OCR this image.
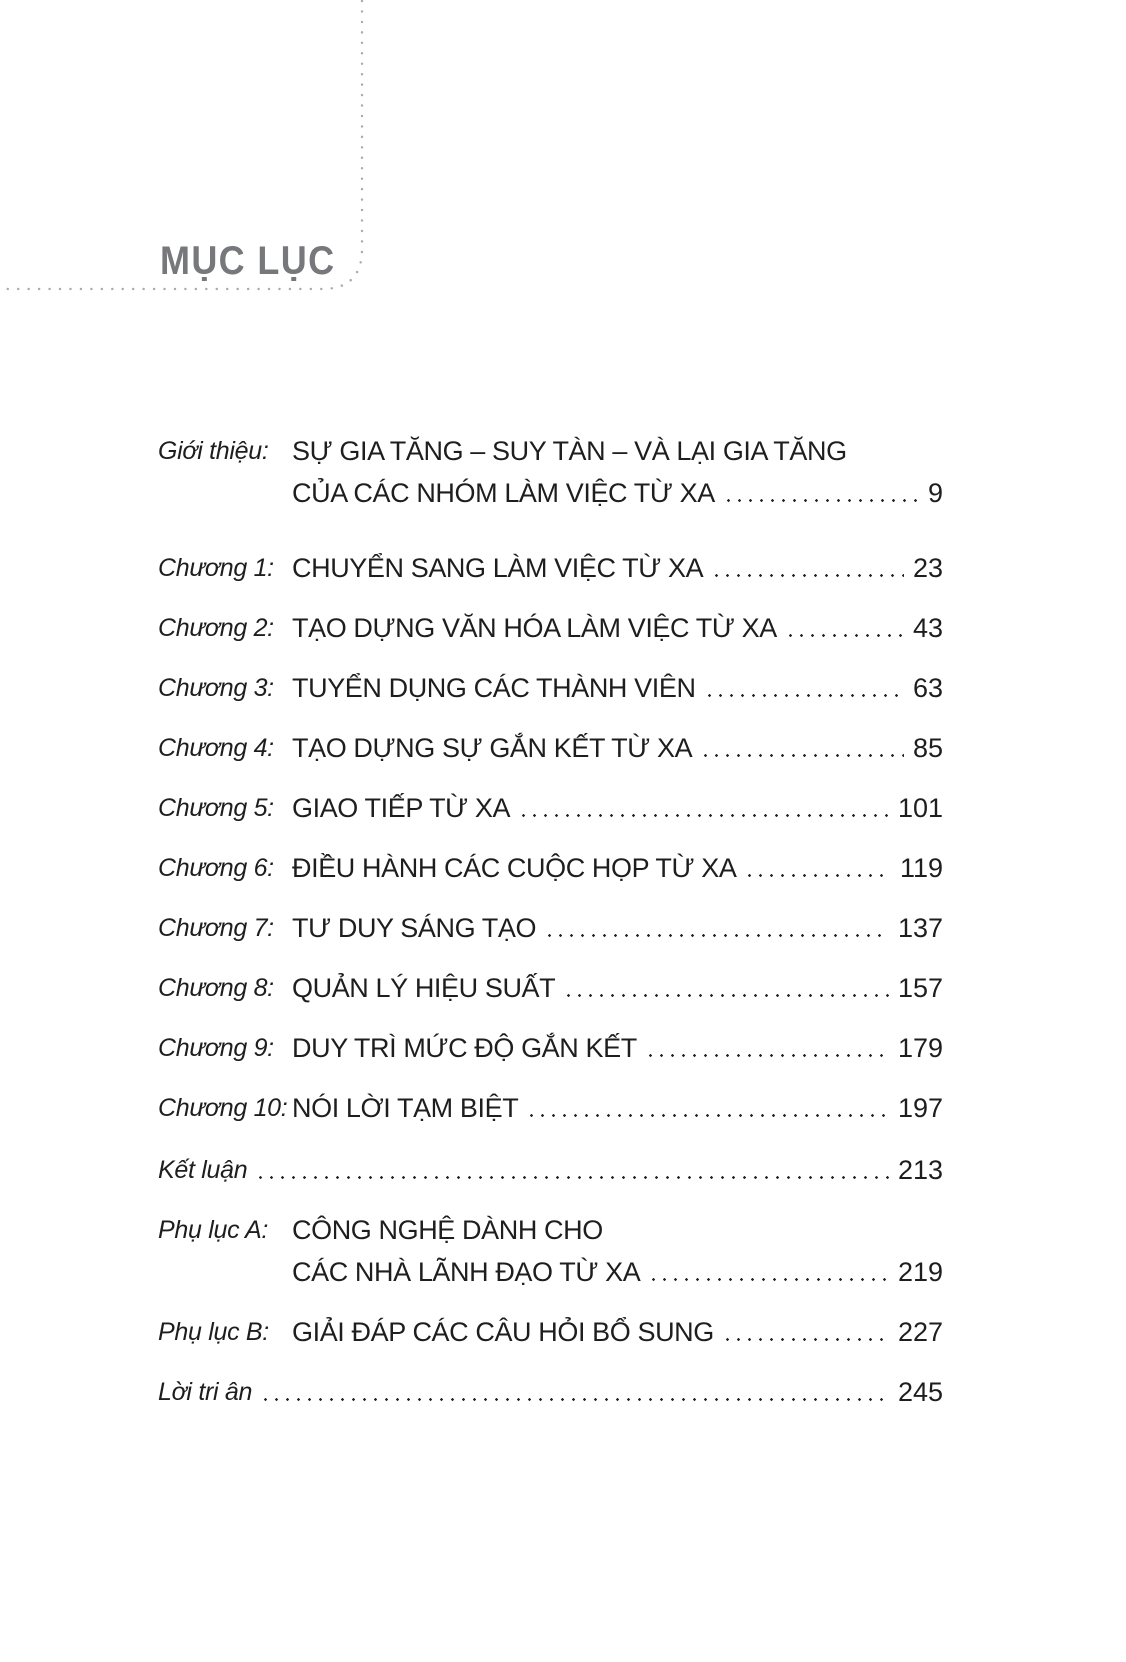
MỤC LỤC
Giới thiệu: SỰ GIA TĂNG – SUY TÀN – VÀ LẠI GIA TĂNG
CỦA CÁC NHÓM LÀM VIỆC TỪ XA	9
Chương 1: CHUYỂN SANG LÀM VIỆC TỪ XA	23
Chương 2: TẠO DỰNG VĂN HÓA LÀM VIỆC TỪ XA	43
Chương 3: TUYỂN DỤNG CÁC THÀNH VIÊN	63
Chương 4: TẠO DỰNG SỰ GẮN KẾT TỪ XA	85
Chương 5: GIAO TIẾP TỪ XA	101
Chương 6: ĐIỀU HÀNH CÁC CUỘC HỌP TỪ XA	119
Chương 7: TƯ DUY SÁNG TẠO	137
Chương 8: QUẢN LÝ HIỆU SUẤT	157
Chương 9: DUY TRÌ MỨC ĐỘ GẮN KẾT	179
Chương 10: NÓI LỜI TẠM BIỆT	197
Kết luận	213
Phụ lục A: CÔNG NGHỆ DÀNH CHO
CÁC NHÀ LÃNH ĐẠO TỪ XA	219
Phụ lục B: GIẢI ĐÁP CÁC CÂU HỎI BỔ SUNG	227
Lời tri ân	245
